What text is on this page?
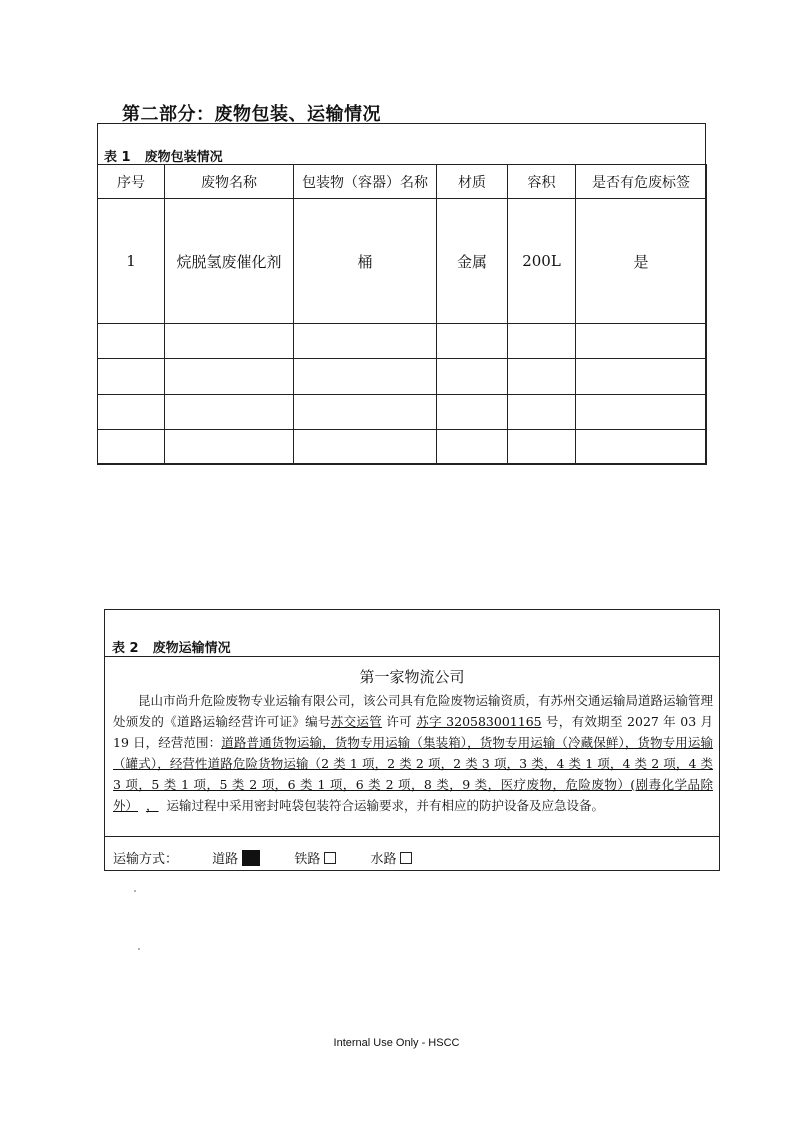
第二部分：废物包装、运输情况
表 1 废物包装情况
序号	废物名称	包装物（容器）名称	材质	容积	是否有危废标签
1	烷脱氢废催化剂	桶	金属	200L	是

表 2 废物运输情况
第一家物流公司
昆山市尚升危险废物专业运输有限公司，该公司具有危险废物运输资质，有苏州交通运输局道路运输管理处颁发的《道路运输经营许可证》编号苏交运管 许可 苏字 320583001165 号，有效期至 2027 年 03 月 19 日，经营范围：道路普通货物运输，货物专用运输（集装箱），货物专用运输（冷藏保鲜），货物专用运输（罐式），经营性道路危险货物运输（2 类 1 项，2 类 2 项，2 类 3 项，3 类，4 类 1 项，4 类 2 项，4 类 3 项，5 类 1 项，5 类 2 项，6 类 1 项，6 类 2 项，8 类，9 类，医疗废物，危险废物）(剧毒化学品除外） ， 运输过程中采用密封吨袋包装符合运输要求，并有相应的防护设备及应急设备。
运输方式：	道路	铁路	水路
Internal Use Only - HSCC
